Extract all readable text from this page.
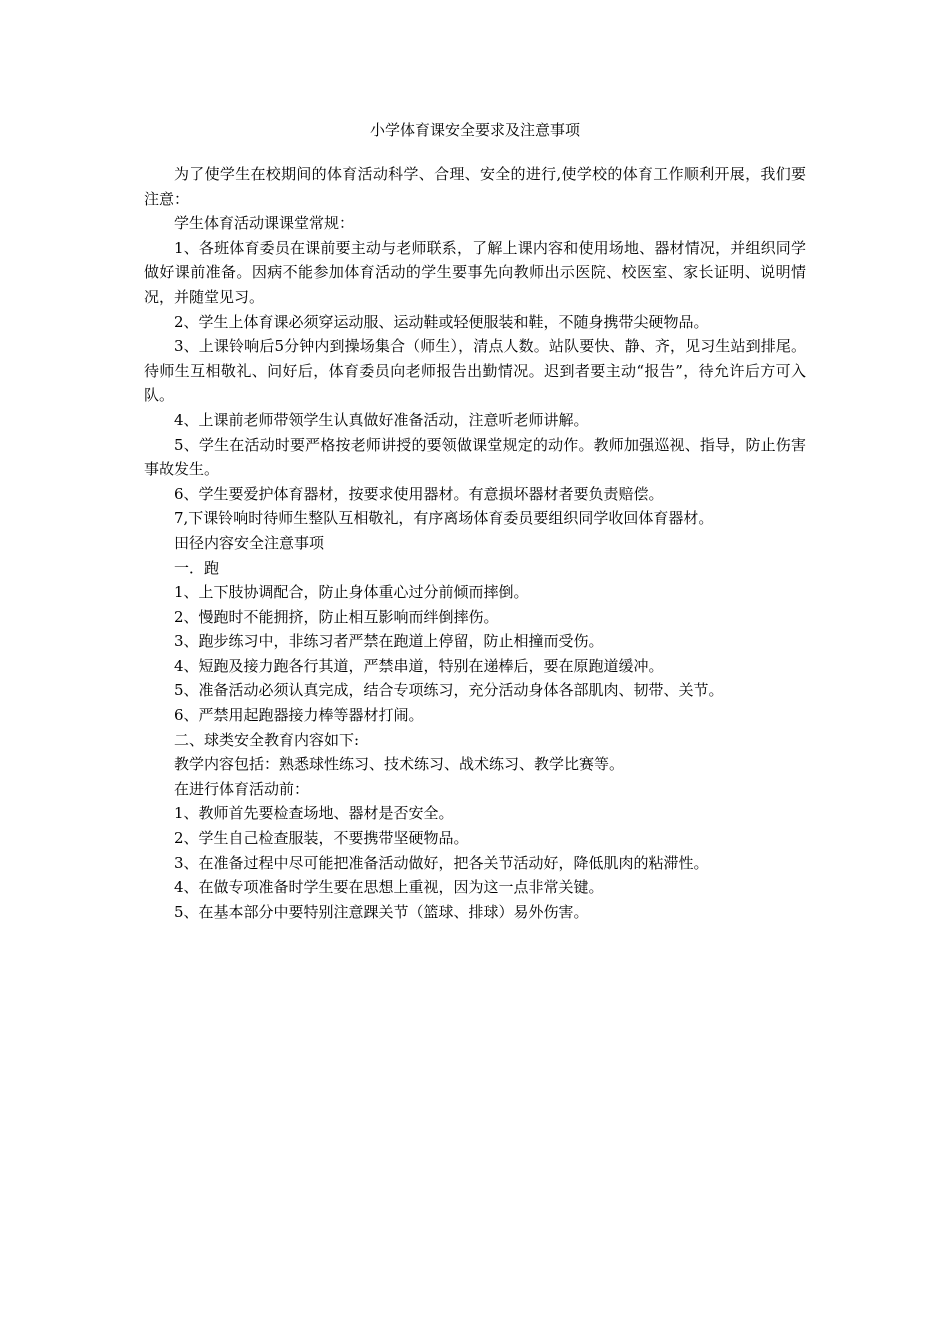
小学体育课安全要求及注意事项

为了使学生在校期间的体育活动科学、合理、安全的进行,使学校的体育工作顺利开展，我们要注意：

学生体育活动课课堂常规：

1、各班体育委员在课前要主动与老师联系，了解上课内容和使用场地、器材情况，并组织同学做好课前准备。因病不能参加体育活动的学生要事先向教师出示医院、校医室、家长证明、说明情况，并随堂见习。

2、学生上体育课必须穿运动服、运动鞋或轻便服装和鞋，不随身携带尖硬物品。

3、上课铃响后5分钟内到操场集合（师生），清点人数。站队要快、静、齐，见习生站到排尾。待师生互相敬礼、问好后，体育委员向老师报告出勤情况。迟到者要主动“报告”，待允许后方可入队。

4、上课前老师带领学生认真做好准备活动，注意听老师讲解。

5、学生在活动时要严格按老师讲授的要领做课堂规定的动作。教师加强巡视、指导，防止伤害事故发生。

6、学生要爱护体育器材，按要求使用器材。有意损坏器材者要负责赔偿。

7,下课铃响时待师生整队互相敬礼，有序离场体育委员要组织同学收回体育器材。

田径内容安全注意事项

一．跑

1、上下肢协调配合，防止身体重心过分前倾而摔倒。

2、慢跑时不能拥挤，防止相互影响而绊倒摔伤。

3、跑步练习中，非练习者严禁在跑道上停留，防止相撞而受伤。

4、短跑及接力跑各行其道，严禁串道，特别在递棒后，要在原跑道缓冲。

5、准备活动必须认真完成，结合专项练习，充分活动身体各部肌肉、韧带、关节。

6、严禁用起跑器接力棒等器材打闹。

二、球类安全教育内容如下:

教学内容包括：熟悉球性练习、技术练习、战术练习、教学比赛等。

在进行体育活动前：

1、教师首先要检查场地、器材是否安全。

2、学生自己检查服装，不要携带坚硬物品。

3、在准备过程中尽可能把准备活动做好，把各关节活动好，降低肌肉的粘滞性。

4、在做专项准备时学生要在思想上重视，因为这一点非常关键。

5、在基本部分中要特别注意踝关节（篮球、排球）易外伤害。
